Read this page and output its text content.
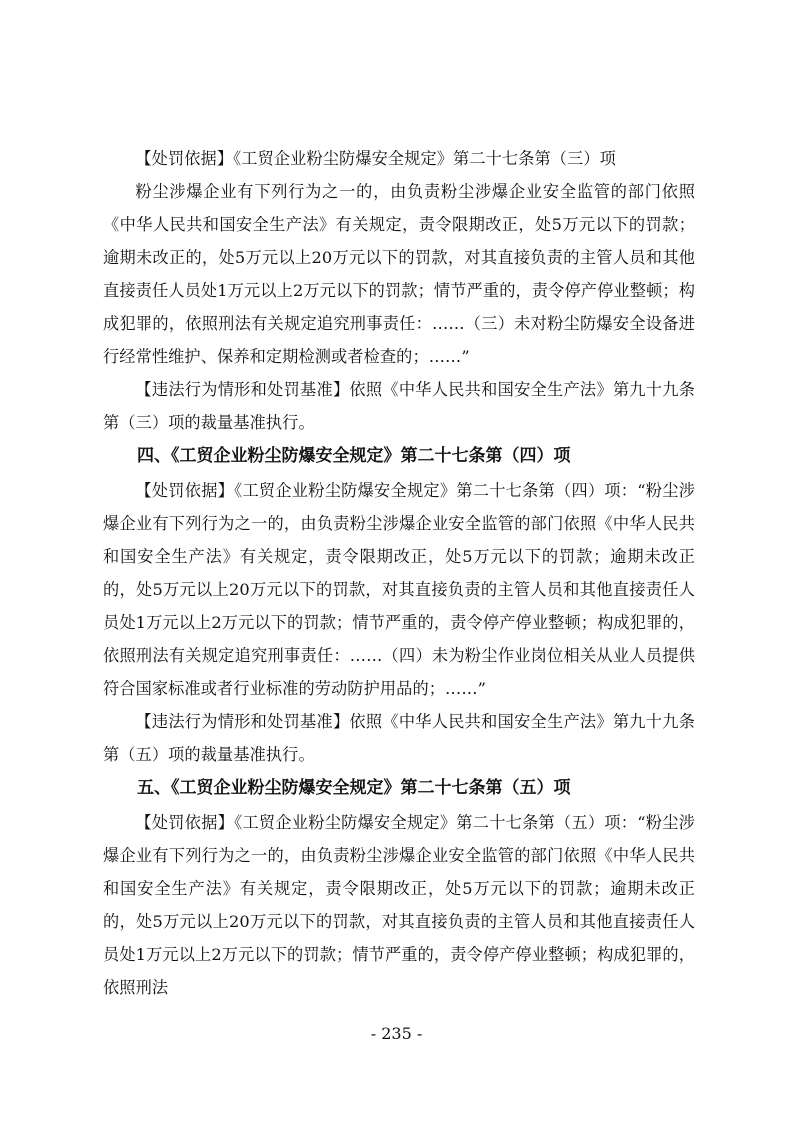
【处罚依据】《工贸企业粉尘防爆安全规定》第二十七条第（三）项

粉尘涉爆企业有下列行为之一的，由负责粉尘涉爆企业安全监管的部门依照《中华人民共和国安全生产法》有关规定，责令限期改正，处5万元以下的罚款；逾期未改正的，处5万元以上20万元以下的罚款，对其直接负责的主管人员和其他直接责任人员处1万元以上2万元以下的罚款；情节严重的，责令停产停业整顿；构成犯罪的，依照刑法有关规定追究刑事责任：……（三）未对粉尘防爆安全设备进行经常性维护、保养和定期检测或者检查的；……”

【违法行为情形和处罚基准】依照《中华人民共和国安全生产法》第九十九条第（三）项的裁量基准执行。

四、《工贸企业粉尘防爆安全规定》第二十七条第（四）项

【处罚依据】《工贸企业粉尘防爆安全规定》第二十七条第（四）项：“粉尘涉爆企业有下列行为之一的，由负责粉尘涉爆企业安全监管的部门依照《中华人民共和国安全生产法》有关规定，责令限期改正，处5万元以下的罚款；逾期未改正的，处5万元以上20万元以下的罚款，对其直接负责的主管人员和其他直接责任人员处1万元以上2万元以下的罚款；情节严重的，责令停产停业整顿；构成犯罪的，依照刑法有关规定追究刑事责任：……（四）未为粉尘作业岗位相关从业人员提供符合国家标准或者行业标准的劳动防护用品的；……”

【违法行为情形和处罚基准】依照《中华人民共和国安全生产法》第九十九条第（五）项的裁量基准执行。

五、《工贸企业粉尘防爆安全规定》第二十七条第（五）项

【处罚依据】《工贸企业粉尘防爆安全规定》第二十七条第（五）项：“粉尘涉爆企业有下列行为之一的，由负责粉尘涉爆企业安全监管的部门依照《中华人民共和国安全生产法》有关规定，责令限期改正，处5万元以下的罚款；逾期未改正的，处5万元以上20万元以下的罚款，对其直接负责的主管人员和其他直接责任人员处1万元以上2万元以下的罚款；情节严重的，责令停产停业整顿；构成犯罪的，依照刑法

- 235 -
